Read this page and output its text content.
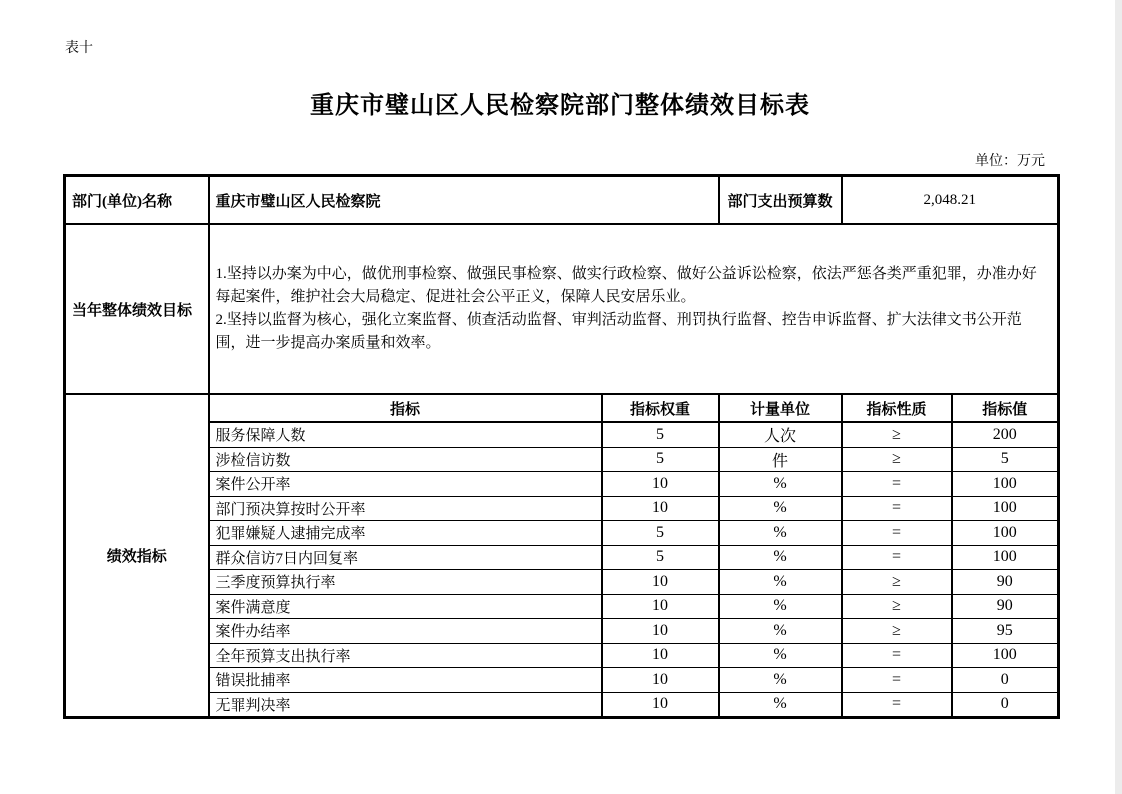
表十
重庆市璧山区人民检察院部门整体绩效目标表
单位：万元
部门(单位)名称	重庆市璧山区人民检察院		部门支出预算数	2,048.21	
当年整体绩效目标	1.坚持以办案为中心，做优刑事检察、做强民事检察、做实行政检察、做好公益诉讼检察，依法严惩各类严重犯罪，办准办好每起案件，维护社会大局稳定、促进社会公平正义，保障人民安居乐业。
2.坚持以监督为核心，强化立案监督、侦查活动监督、审判活动监督、刑罚执行监督、控告申诉监督、扩大法律文书公开范围，进一步提高办案质量和效率。				

绩效指标	指标	指标权重	计量单位	指标性质	指标值
	服务保障人数	5	人次	≥	200
	涉检信访数	5	件	≥	5
	案件公开率	10	%	=	100
	部门预决算按时公开率	10	%	=	100
	犯罪嫌疑人逮捕完成率	5	%	=	100
	群众信访7日内回复率	5	%	=	100
	三季度预算执行率	10	%	≥	90
	案件满意度	10	%	≥	90
	案件办结率	10	%	≥	95
	全年预算支出执行率	10	%	=	100
	错误批捕率	10	%	=	0
	无罪判决率	10	%	=	0
